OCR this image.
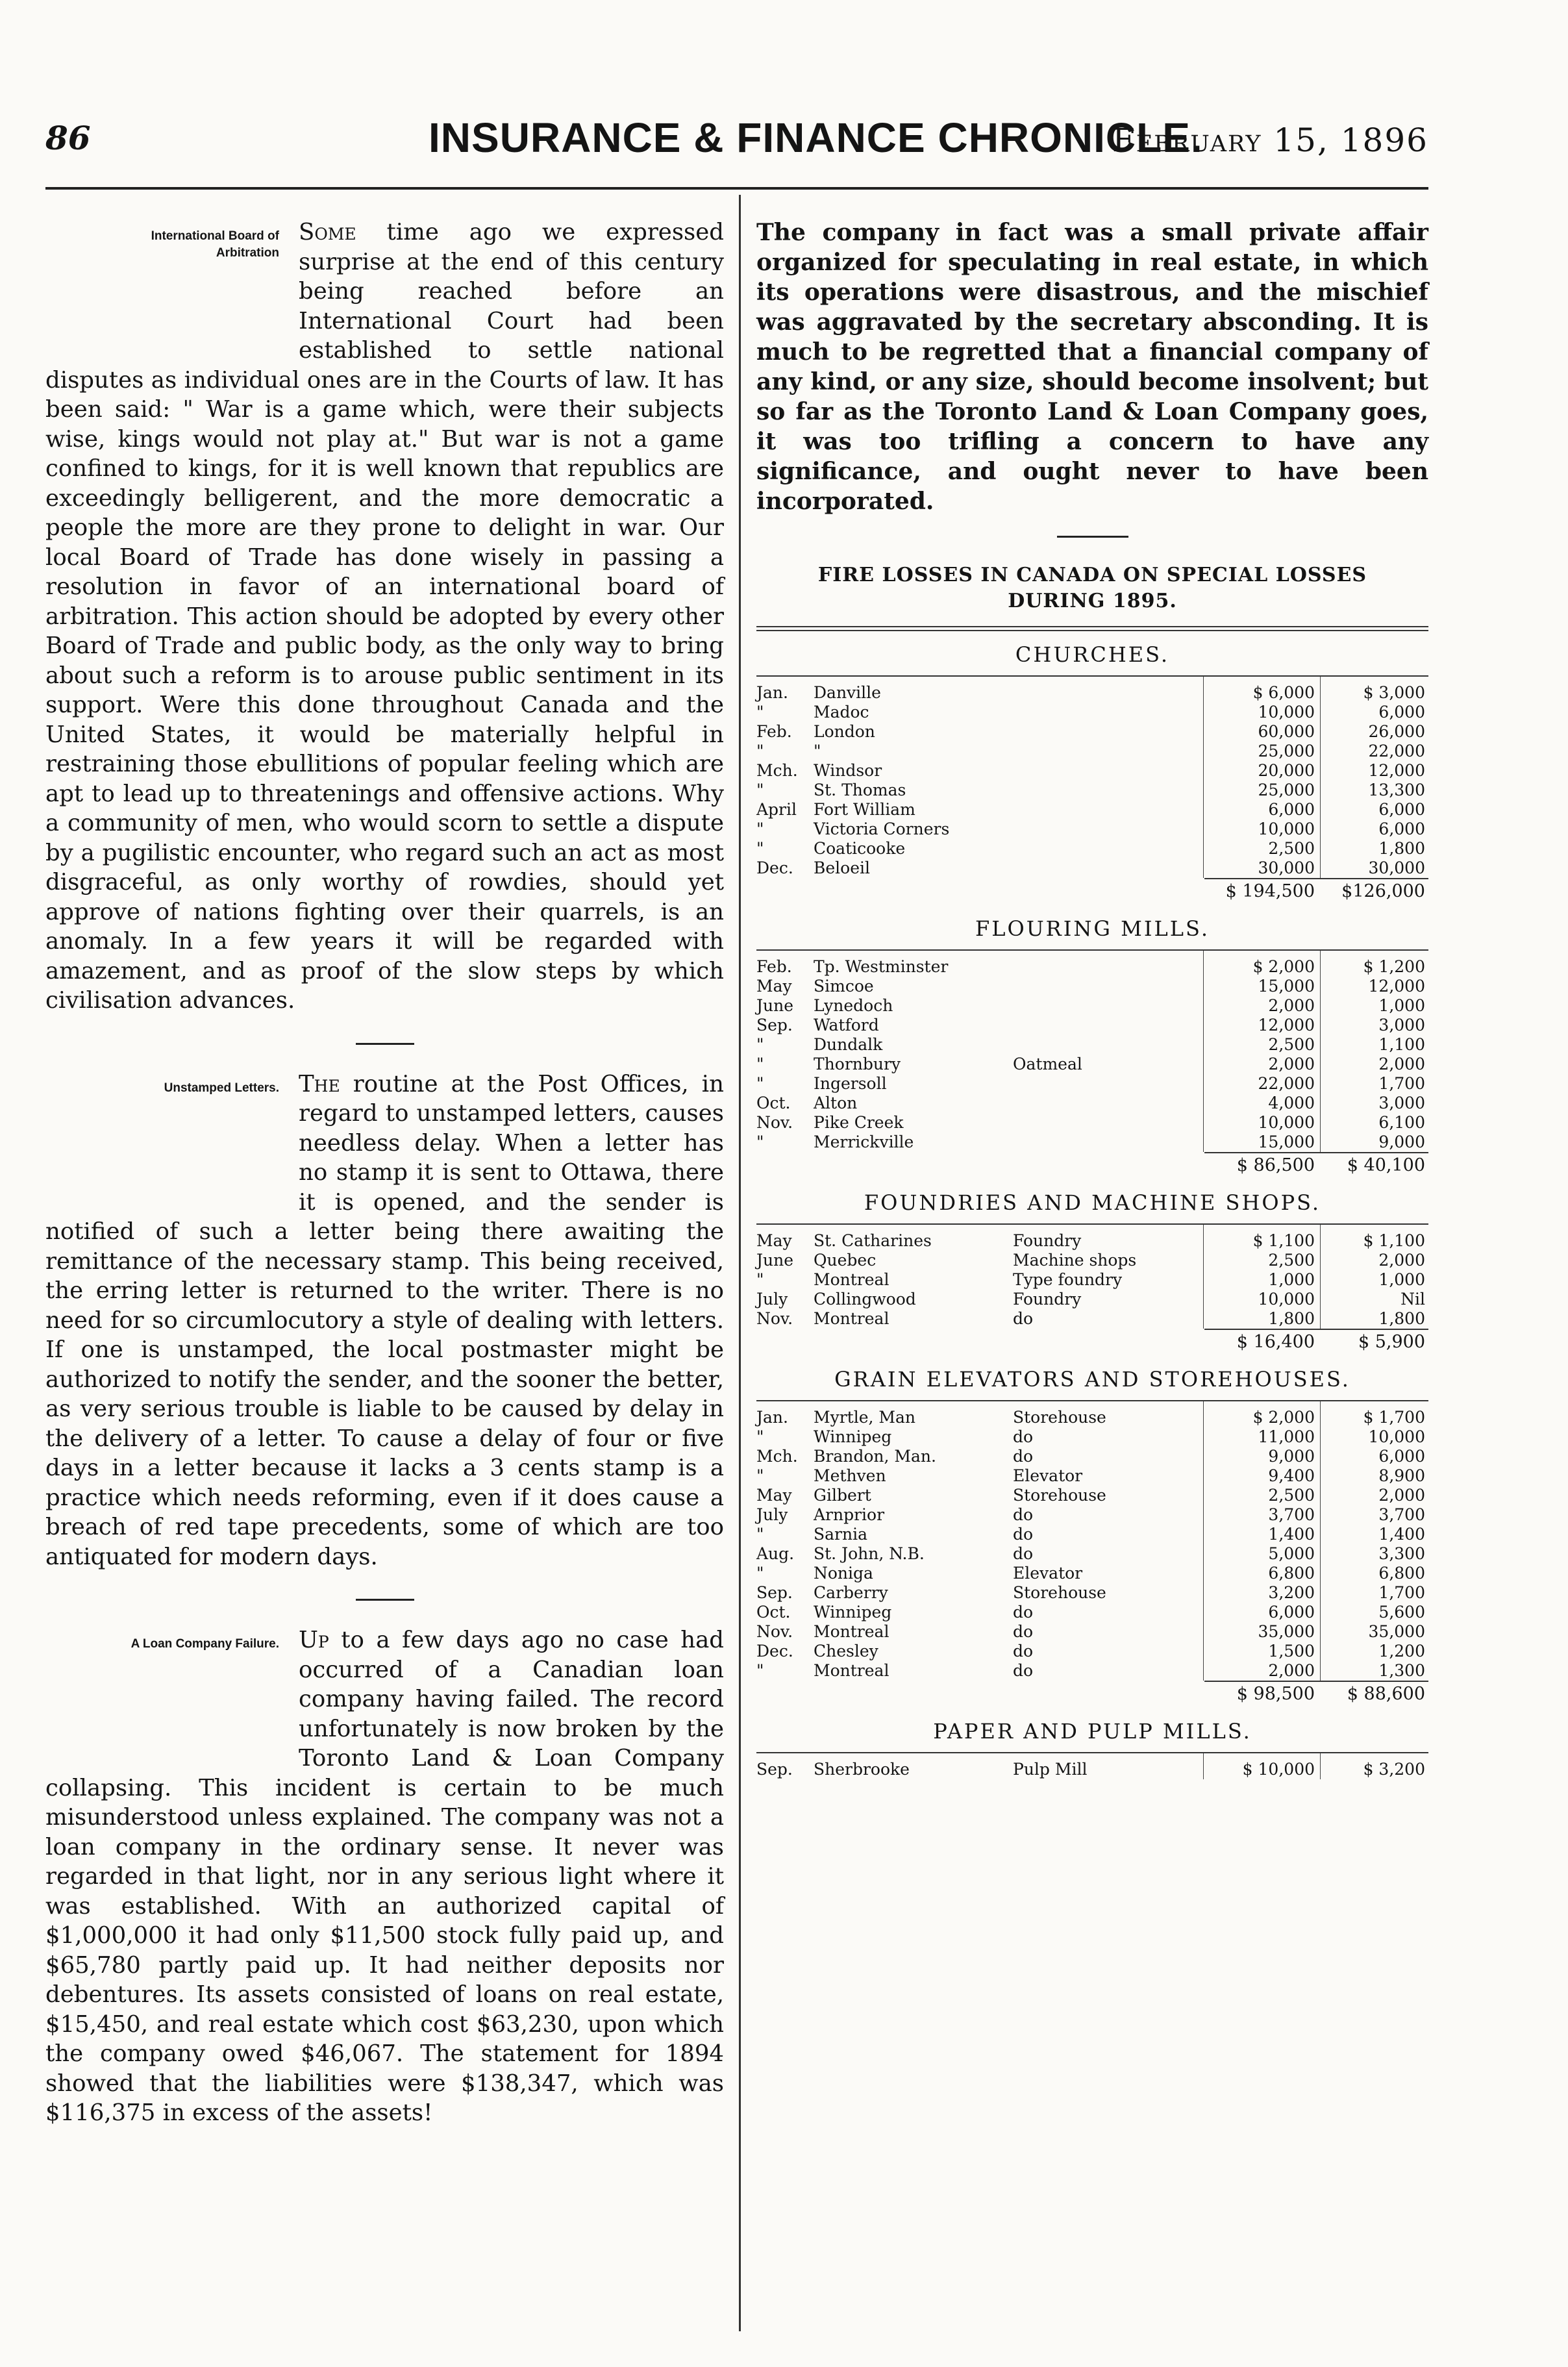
86	INSURANCE & FINANCE CHRONICLE.
February 15, 1896
International Board of Arbitration
Some time ago we expressed surprise at the end of this century being reached before an International Court had been established to settle national disputes as individual ones are in the Courts of law. It has been said: " War is a game which, were their subjects wise, kings would not play at." But war is not a game confined to kings, for it is well known that republics are exceedingly belligerent, and the more democratic a people the more are they prone to delight in war. Our local Board of Trade has done wisely in passing a resolution in favor of an international board of arbitration. This action should be adopted by every other Board of Trade and public body, as the only way to bring about such a reform is to arouse public sentiment in its support. Were this done throughout Canada and the United States, it would be materially helpful in restraining those ebullitions of popular feeling which are apt to lead up to threatenings and offensive actions. Why a community of men, who would scorn to settle a dispute by a pugilistic encounter, who regard such an act as most disgraceful, as only worthy of rowdies, should yet approve of nations fighting over their quarrels, is an anomaly. In a few years it will be regarded with amazement, and as proof of the slow steps by which civilisation advances.
Unstamped Letters. The routine at the Post Offices, in regard to unstamped letters, causes needless delay. When a letter has no stamp it is sent to Ottawa, there it is opened, and the sender is notified of such a letter being there awaiting the remittance of the necessary stamp. This being received, the erring letter is returned to the writer. There is no need for so circumlocutory a style of dealing with letters. If one is unstamped, the local postmaster might be authorized to notify the sender, and the sooner the better, as very serious trouble is liable to be caused by delay in the delivery of a letter. To cause a delay of four or five days in a letter because it lacks a 3 cents stamp is a practice which needs reforming, even if it does cause a breach of red tape precedents, some of which are too antiquated for modern days.
A Loan Company Failure. Up to a few days ago no case had occurred of a Canadian loan company having failed. The record unfortunately is now broken by the Toronto Land & Loan Company collapsing. This incident is certain to be much misunderstood unless explained. The company was not a loan company in the ordinary sense. It never was regarded in that light, nor in any serious light where it was established. With an authorized capital of $1,000,000 it had only $11,500 stock fully paid up, and $65,780 partly paid up. It had neither deposits nor debentures. Its assets consisted of loans on real estate, $15,450, and real estate which cost $63,230, upon which the company owed $46,067. The statement for 1894 showed that the liabilities were $138,347, which was $116,375 in excess of the assets!

The company in fact was a small private affair organized for speculating in real estate, in which its operations were disastrous, and the mischief was aggravated by the secretary absconding. It is much to be regretted that a financial company of any kind, or any size, should become insolvent; but so far as the Toronto Land & Loan Company goes, it was too trifling a concern to have any significance, and ought never to have been incorporated.

FIRE LOSSES IN CANADA ON SPECIAL LOSSES
DURING 1895.
CHURCHES.
Jan.	Danville	$ 6,000	$ 3,000
"	Madoc	10,000	6,000
Feb.	London	60,000	26,000
"	"	25,000	22,000
Mch. Windsor	20,000	12,000
"	St. Thomas	25,000	13,300
April	Fort William	6,000	6,000
"	Victoria Corners	10,000	6,000
"	Coaticooke	2,500	1,800
Dec.	Beloeil	30,000	30,000
$ 194,500	$126,000
FLOURING MILLS.
Feb.	Tp. Westminster	$ 2,000	$ 1,200
May	Simcoe	15,000	12,000
June	Lynedoch	2,000	1,000
Sep.	Watford	12,000	3,000
"	Dundalk	2,500	1,100
"	Thornbury	Oatmeal	2,000	2,000
"	Ingersoll	22,000	1,700
Oct.	Alton	4,000	3,000
Nov.	Pike Creek	10,000	6,100
"	Merrickville	15,000	9,000
$ 86,500	$ 40,100
FOUNDRIES AND MACHINE SHOPS.
May	St. Catharines	Foundry	$ 1,100	$ 1,100
June	Quebec	Machine shops	2,500	2,000
"	Montreal	Type foundry	1,000	1,000
July	Collingwood	Foundry	10,000	Nil
Nov.	Montreal	do	1,800	1,800
$ 16,400	$ 5,900
GRAIN ELEVATORS AND STOREHOUSES.
Jan.	Myrtle, Man	Storehouse	$ 2,000	$ 1,700
"	Winnipeg	do	11,000	10,000
Mch. Brandon, Man.	do	9,000	6,000
"	Methven	Elevator	9,400	8,900
May	Gilbert	Storehouse	2,500	2,000
July	Arnprior	do	3,700	3,700
"	Sarnia	do	1,400	1,400
Aug.	St. John, N.B.	do	5,000	3,300
"	Noniga	Elevator	6,800	6,800
Sep.	Carberry	Storehouse	3,200	1,700
Oct.	Winnipeg	do	6,000	5,600
Nov.	Montreal	do	35,000	35,000
Dec.	Chesley	do	1,500	1,200
"	Montreal	do	2,000	1,300
$ 98,500	$ 88,600
PAPER AND PULP MILLS.
Sep.	Sherbrooke	Pulp Mill	$ 10,000	$ 3,200
